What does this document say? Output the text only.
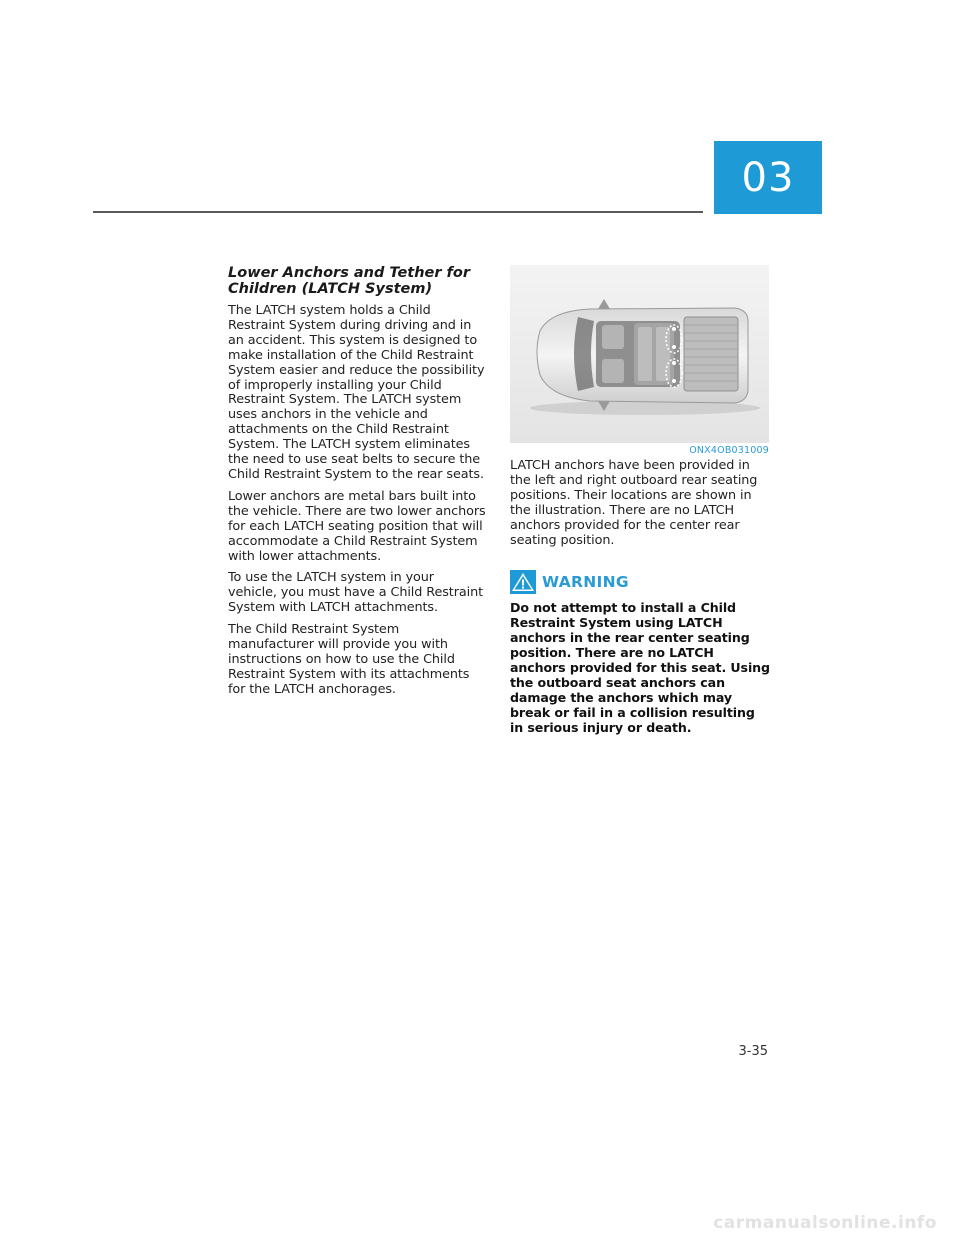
03
Lower Anchors and Tether for Children (LATCH System)

The LATCH system holds a Child Restraint System during driving and in an accident. This system is designed to make installation of the Child Restraint System easier and reduce the possibility of improperly installing your Child Restraint System. The LATCH system uses anchors in the vehicle and attachments on the Child Restraint System. The LATCH system eliminates the need to use seat belts to secure the Child Restraint System to the rear seats.

Lower anchors are metal bars built into the vehicle. There are two lower anchors for each LATCH seating position that will accommodate a Child Restraint System with lower attachments.

To use the LATCH system in your vehicle, you must have a Child Restraint System with LATCH attachments.

The Child Restraint System manufacturer will provide you with instructions on how to use the Child Restraint System with its attachments for the LATCH anchorages.

ONX4OB031009

LATCH anchors have been provided in the left and right outboard rear seating positions. Their locations are shown in the illustration. There are no LATCH anchors provided for the center rear seating position.

WARNING

Do not attempt to install a Child Restraint System using LATCH anchors in the rear center seating position. There are no LATCH anchors provided for this seat. Using the outboard seat anchors can damage the anchors which may break or fail in a collision resulting in serious injury or death.

3-35
carmanualsonline.info
